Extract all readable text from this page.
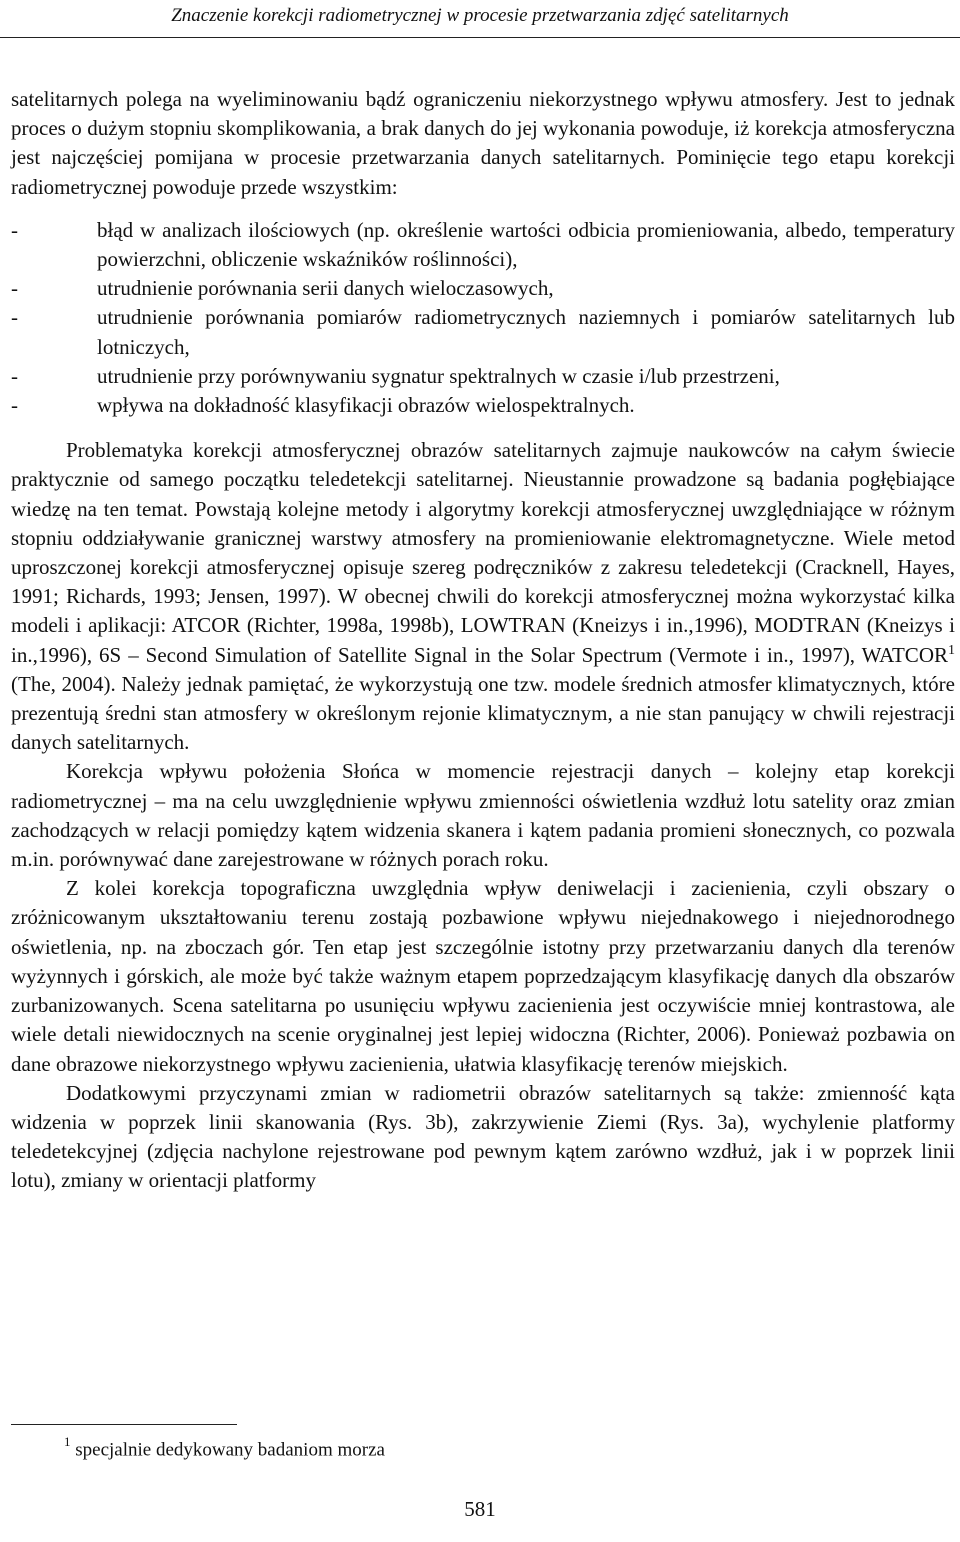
Znaczenie korekcji radiometrycznej w procesie przetwarzania zdjęć satelitarnych

satelitarnych polega na wyeliminowaniu bądź ograniczeniu niekorzystnego wpływu atmosfery. Jest to jednak proces o dużym stopniu skomplikowania, a brak danych do jej wykonania powoduje, iż korekcja atmosferyczna jest najczęściej pomijana w procesie przetwarzania danych satelitarnych. Pominięcie tego etapu korekcji radiometrycznej powoduje przede wszystkim:

-	błąd w analizach ilościowych (np. określenie wartości odbicia promieniowania, albedo, temperatury powierzchni, obliczenie wskaźników roślinności),
-	utrudnienie porównania serii danych wieloczasowych,
-	utrudnienie porównania pomiarów radiometrycznych naziemnych i pomiarów satelitarnych lub lotniczych,
-	utrudnienie przy porównywaniu sygnatur spektralnych w czasie i/lub przestrzeni,
-	wpływa na dokładność klasyfikacji obrazów wielospektralnych.

Problematyka korekcji atmosferycznej obrazów satelitarnych zajmuje naukowców na całym świecie praktycznie od samego początku teledetekcji satelitarnej. Nieustannie prowadzone są badania pogłębiające wiedzę na ten temat. Powstają kolejne metody i algorytmy korekcji atmosferycznej uwzględniające w różnym stopniu oddziaływanie granicznej warstwy atmosfery na promieniowanie elektromagnetyczne. Wiele metod uproszczonej korekcji atmosferycznej opisuje szereg podręczników z zakresu teledetekcji (Cracknell, Hayes, 1991; Richards, 1993; Jensen, 1997). W obecnej chwili do korekcji atmosferycznej można wykorzystać kilka modeli i aplikacji: ATCOR (Richter, 1998a, 1998b), LOWTRAN (Kneizys i in.,1996), MODTRAN (Kneizys i in.,1996), 6S – Second Simulation of Satellite Signal in the Solar Spectrum (Vermote i in., 1997), WATCOR$^1$ (The, 2004). Należy jednak pamiętać, że wykorzystują one tzw. modele średnich atmosfer klimatycznych, które prezentują średni stan atmosfery w określonym rejonie klimatycznym, a nie stan panujący w chwili rejestracji danych satelitarnych.

Korekcja wpływu położenia Słońca w momencie rejestracji danych – kolejny etap korekcji radiometrycznej – ma na celu uwzględnienie wpływu zmienności oświetlenia wzdłuż lotu satelity oraz zmian zachodzących w relacji pomiędzy kątem widzenia skanera i kątem padania promieni słonecznych, co pozwala m.in. porównywać dane zarejestrowane w różnych porach roku.

Z kolei korekcja topograficzna uwzględnia wpływ deniwelacji i zacienienia, czyli obszary o zróżnicowanym ukształtowaniu terenu zostają pozbawione wpływu niejednakowego i niejednorodnego oświetlenia, np. na zboczach gór. Ten etap jest szczególnie istotny przy przetwarzaniu danych dla terenów wyżynnych i górskich, ale może być także ważnym etapem poprzedzającym klasyfikację danych dla obszarów zurbanizowanych. Scena satelitarna po usunięciu wpływu zacienienia jest oczywiście mniej kontrastowa, ale wiele detali niewidocznych na scenie oryginalnej jest lepiej widoczna (Richter, 2006). Ponieważ pozbawia on dane obrazowe niekorzystnego wpływu zacienienia, ułatwia klasyfikację terenów miejskich.

Dodatkowymi przyczynami zmian w radiometrii obrazów satelitarnych są także: zmienność kąta widzenia w poprzek linii skanowania (Rys. 3b), zakrzywienie Ziemi (Rys. 3a), wychylenie platformy teledetekcyjnej (zdjęcia nachylone rejestrowane pod pewnym kątem zarówno wzdłuż, jak i w poprzek linii lotu), zmiany w orientacji platformy

$^1$ specjalnie dedykowany badaniom morza
581
